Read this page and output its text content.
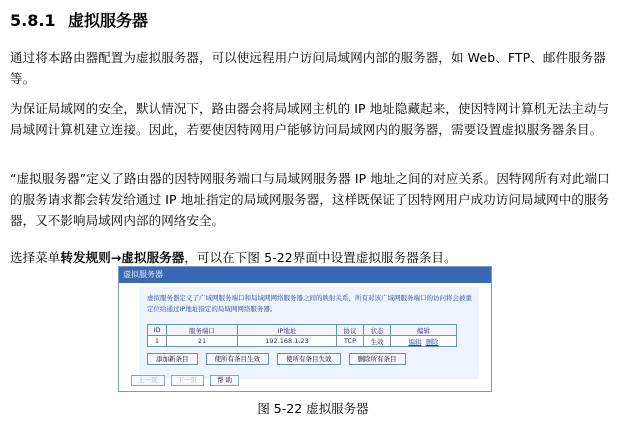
5.8.1 虚拟服务器
通过将本路由器配置为虚拟服务器，可以使远程用户访问局域网内部的服务器，如 Web、FTP、邮件服务器等。
为保证局域网的安全，默认情况下，路由器会将局域网主机的 IP 地址隐藏起来，使因特网计算机无法主动与局域网计算机建立连接。因此，若要使因特网用户能够访问局域网内的服务器，需要设置虚拟服务器条目。
“虚拟服务器”定义了路由器的因特网服务端口与局域网服务器 IP 地址之间的对应关系。因特网所有对此端口的服务请求都会转发给通过 IP 地址指定的局域网服务器，这样既保证了因特网用户成功访问局域网中的服务器，又不影响局域网内部的网络安全。
选择菜单转发规则→虚拟服务器，可以在下图 5-22界面中设置虚拟服务器条目。
虚拟服务器
虚拟服务器定义了广域网服务端口和局域网网络服务器之间的映射关系，所有对该广域网服务端口的访问将会被重定位给通过IP地址指定的局域网网络服务器。
ID	服务端口	IP地址	协议	状态	编辑
1	21	192.168.1.23	TCP	生效	编辑 删除
添加新条目	使所有条目生效	使所有条目失效	删除所有条目
上一页	下一页	帮 助
图 5-22 虚拟服务器
